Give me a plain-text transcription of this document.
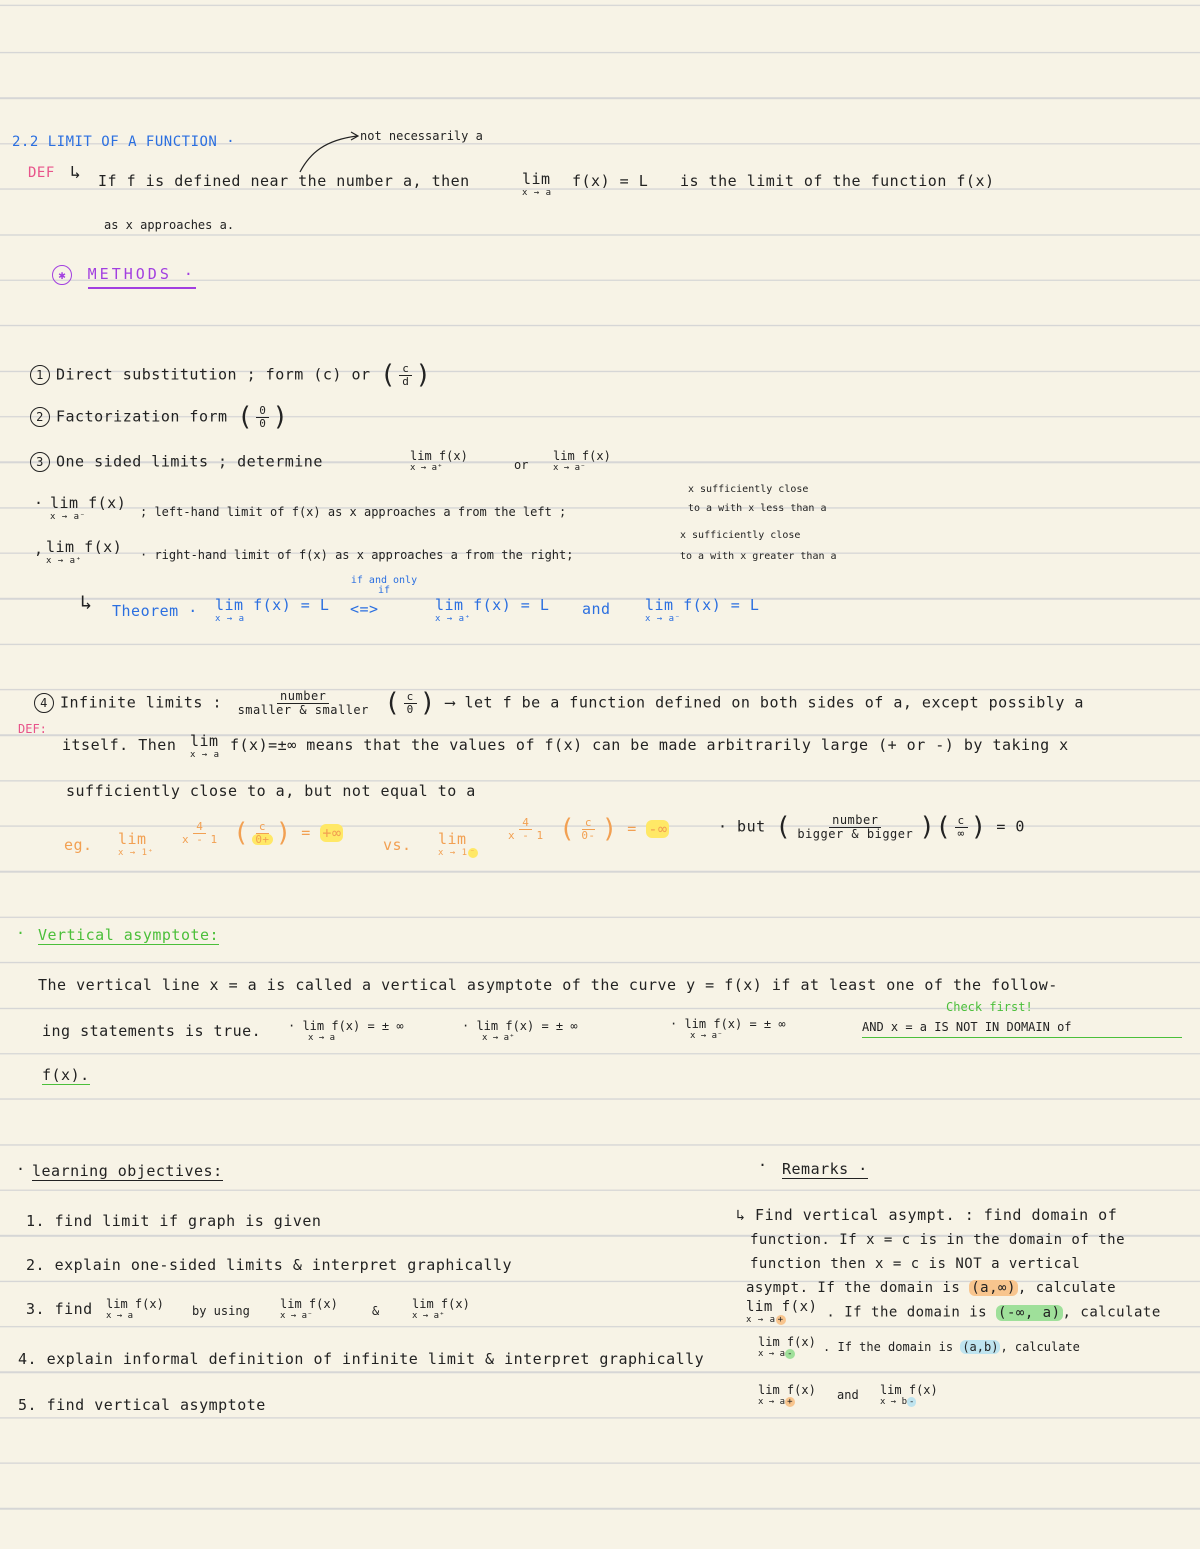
2.2 LIMIT OF A FUNCTION ·	not necessarily a
DEF ↳ If f is defined near the number a, then	lim
x → a
f(x) = L is the limit of the function f(x)
as x approaches a.
✱ METHODS ·
1 Direct substitution ; form (c) or ( $\frac{c}{d}$ )
2 Factorization form ( $\frac{0}{0}$ )
3 One sided limits ; determine	lim f(x)
x → a⁺	or
lim f(x)
x → a⁻
· lim f(x)
x → a⁻	; left-hand limit of f(x) as x approaches a from the left ;
x sufficiently close
to a with x less than a
, lim f(x)
x → a⁺	· right-hand limit of f(x) as x approaches a from the right;
x sufficiently close
to a with x greater than a
↳ Theorem · lim f(x) = L
x → a
if and only if
<=>	lim f(x) = L
x → a⁺
and lim f(x) = L
x → a⁻
4 Infinite limits : $\frac{\text{number}}{\text{smaller \& smaller}}$ ( $\frac{c}{0}$ ) ⟶ let f be a function defined on both sides of a, except possibly a
DEF:
itself. Then lim
x → a
f(x)=±∞ means that the values of f(x) can be made arbitrarily large (+ or -) by taking x
sufficiently close to a, but not equal to a
eg. lim
x → 1⁺
$\frac{4}{x - 1}$ ( $\frac{c}{0+}$ ) = +∞
vs. lim
x → 1 ⁻
$\frac{4}{x - 1}$ ( $\frac{c}{0-}$ ) = -∞	· but ( $\frac{\text{number}}{\text{bigger \& bigger}}$ )( $\frac{c}{\infty}$ ) = 0
· Vertical asymptote:
The vertical line x = a is called a vertical asymptote of the curve y = f(x) if at least one of the follow-
ing statements is true. · lim f(x) = ± ∞
x → a
· lim f(x) = ± ∞
x → a⁺
· lim f(x) = ± ∞
x → a⁻
Check first!
AND x = a IS NOT IN DOMAIN of
f(x).
· learning objectives:
1. find limit if graph is given
2. explain one-sided limits & interpret graphically
3. find lim f(x)
x → a	by using	lim f(x)
x → a⁻	&	lim f(x)
x → a⁺
4. explain informal definition of infinite limit & interpret graphically
5. find vertical asymptote
· Remarks ·
↳ Find vertical asympt. : find domain of
function. If x = c is in the domain of the
function then x = c is NOT a vertical
asympt. If the domain is (a,∞) , calculate
lim f(x)
x → a +	. If the domain is (-∞, a) , calculate
lim f(x)
x → a -	. If the domain is (a,b) , calculate
lim f(x)
x → a +	and lim f(x)
x → b -
